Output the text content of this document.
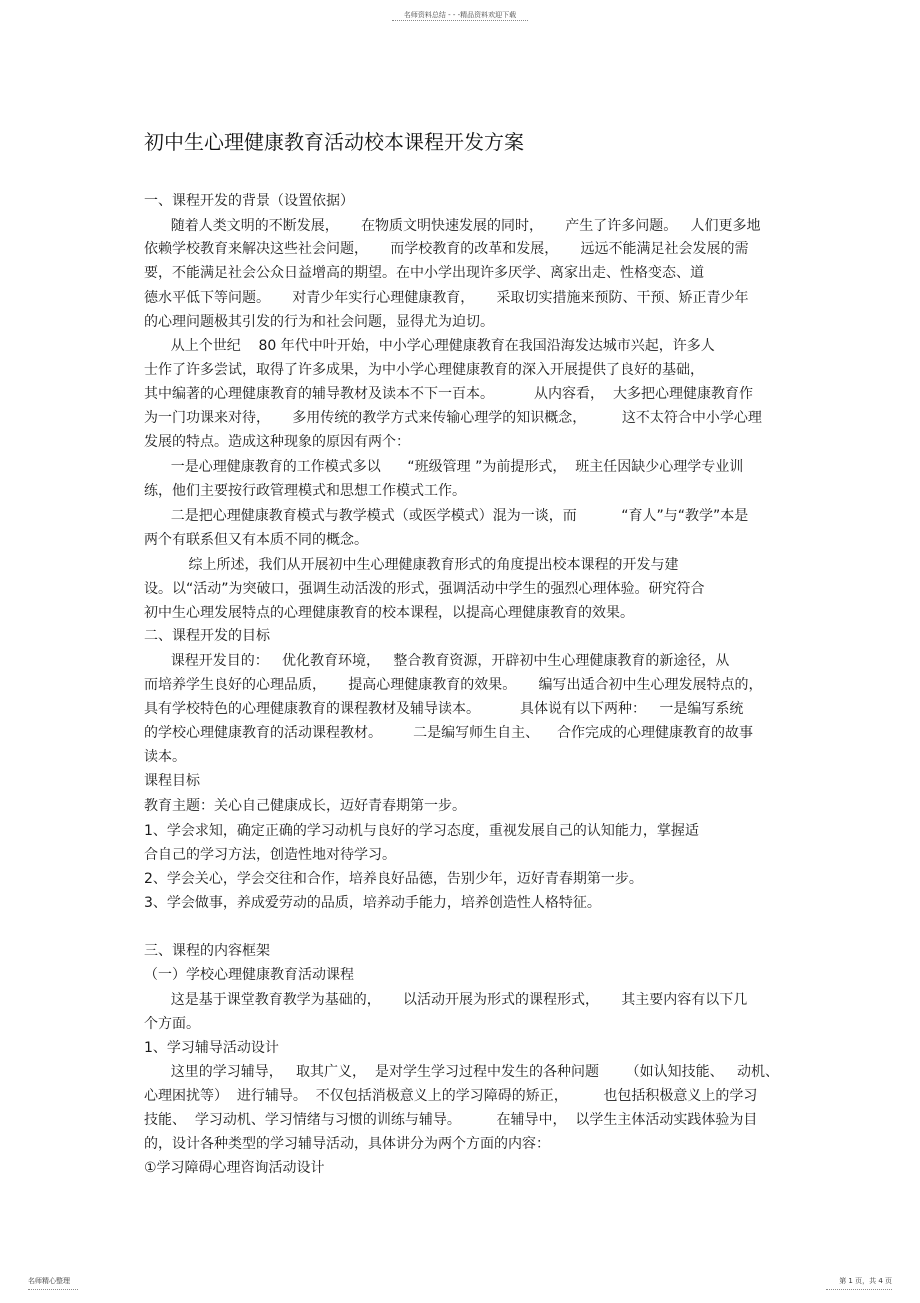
名师资料总结 - - -精品资料欢迎下载
初中生心理健康教育活动校本课程开发方案
一、课程开发的背景（设置依据）
随着人类文明的不断发展，     在物质文明快速发展的同时，     产生了许多问题。   人们更多地
依赖学校教育来解决这些社会问题，     而学校教育的改革和发展，     远远不能满足社会发展的需
要，不能满足社会公众日益增高的期望。在中小学出现许多厌学、离家出走、性格变态、道
德水平低下等问题。     对青少年实行心理健康教育，     采取切实措施来预防、干预、矫正青少年
的心理问题极其引发的行为和社会问题，显得尤为迫切。
从上个世纪    80 年代中叶开始，中小学心理健康教育在我国沿海发达城市兴起，许多人
士作了许多尝试，取得了许多成果，为中小学心理健康教育的深入开展提供了良好的基础，
其中编著的心理健康教育的辅导教材及读本不下一百本。         从内容看，  大多把心理健康教育作
为一门功课来对待，     多用传统的教学方式来传输心理学的知识概念，        这不太符合中小学心理
发展的特点。造成这种现象的原因有两个：
一是心理健康教育的工作模式多以      “班级管理 ”为前提形式，  班主任因缺少心理学专业训
练，他们主要按行政管理模式和思想工作模式工作。
二是把心理健康教育模式与教学模式（或医学模式）混为一谈，而          “育人”与“教学”本是
两个有联系但又有本质不同的概念。
综上所述，我们从开展初中生心理健康教育形式的角度提出校本课程的开发与建
设。以“活动”为突破口，强调生动活泼的形式，强调活动中学生的强烈心理体验。研究符合
初中生心理发展特点的心理健康教育的校本课程，以提高心理健康教育的效果。
二、课程开发的目标
课程开发目的：   优化教育环境，   整合教育资源，开辟初中生心理健康教育的新途径，从
而培养学生良好的心理品质，     提高心理健康教育的效果。     编写出适合初中生心理发展特点的，
具有学校特色的心理健康教育的课程教材及辅导读本。         具体说有以下两种：   一是编写系统
的学校心理健康教育的活动课程教材。       二是编写师生自主、    合作完成的心理健康教育的故事
读本。
课程目标
教育主题：关心自己健康成长，迈好青春期第一步。
1、学会求知，确定正确的学习动机与良好的学习态度，重视发展自己的认知能力，掌握适
合自己的学习方法，创造性地对待学习。
2、学会关心，学会交往和合作，培养良好品德，告别少年，迈好青春期第一步。
3、学会做事，养成爱劳动的品质，培养动手能力，培养创造性人格特征。
三、课程的内容框架
（一）学校心理健康教育活动课程
这是基于课堂教育教学为基础的，     以活动开展为形式的课程形式，     其主要内容有以下几
个方面。
1、学习辅导活动设计
这里的学习辅导，   取其广义，  是对学生学习过程中发生的各种问题      （如认知技能、   动机、
心理困扰等）  进行辅导。  不仅包括消极意义上的学习障碍的矫正，        也包括积极意义上的学习
技能、  学习动机、学习情绪与习惯的训练与辅导。        在辅导中，  以学生主体活动实践体验为目
的，设计各种类型的学习辅导活动，具体讲分为两个方面的内容：
①学习障碍心理咨询活动设计
名师精心整理	第 1 页，共 4 页
